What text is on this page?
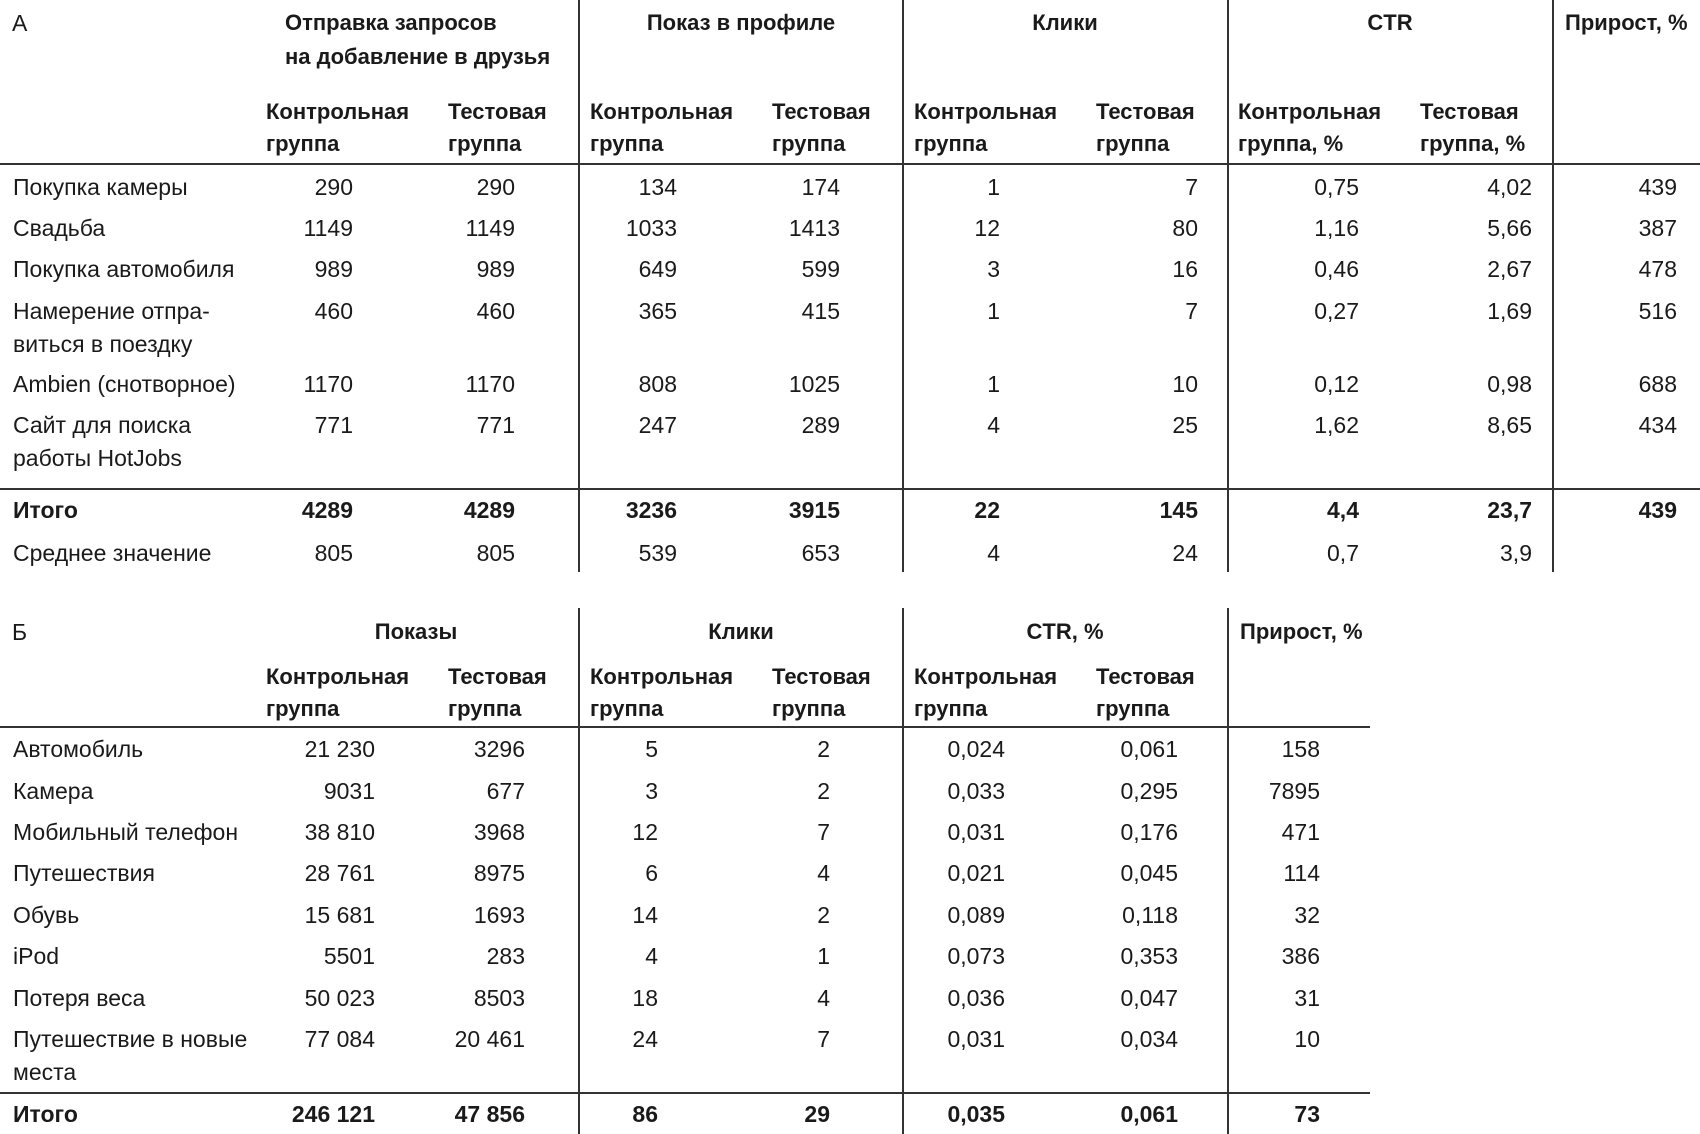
А	Отправка запросов
на добавление в друзья
Показ в профиле	Клики	CTR	Прирост, %
Контрольная
группа
Тестовая
группа
Контрольная
группа
Тестовая
группа
Контрольная
группа
Тестовая
группа
Контрольная
группа, %
Тестовая
группа, %
Покупка камеры	290	290	134	174	1	7	0,75	4,02	439
Свадьба	1149	1149	1033	1413	12	80	1,16	5,66	387
Покупка автомобиля	989	989	649	599	3	16	0,46	2,67	478
Намерение отпра-
виться в поездку
460	460	365	415	1	7	0,27	1,69	516
Ambien (снотворное)	1170	1170	808	1025	1	10	0,12	0,98	688
Сайт для поиска
работы HotJobs
771	771	247	289	4	25	1,62	8,65	434
Итого	4289	4289	3236	3915	22	145	4,4	23,7	439
Среднее значение	805	805	539	653	4	24	0,7	3,9
Б	Показы	Клики	CTR, %	Прирост, %
Контрольная
группа
Тестовая
группа
Контрольная
группа
Тестовая
группа
Контрольная
группа
Тестовая
группа
Автомобиль	21 230	3296	5	2	0,024	0,061	158
Камера	9031	677	3	2	0,033	0,295	7895
Мобильный телефон	38 810	3968	12	7	0,031	0,176	471
Путешествия	28 761	8975	6	4	0,021	0,045	114
Обувь	15 681	1693	14	2	0,089	0,118	32
iPod	5501	283	4	1	0,073	0,353	386
Потеря веса	50 023	8503	18	4	0,036	0,047	31
Путешествие в новые
места
77 084	20 461	24	7	0,031	0,034	10
Итого	246 121	47 856	86	29	0,035	0,061	73
